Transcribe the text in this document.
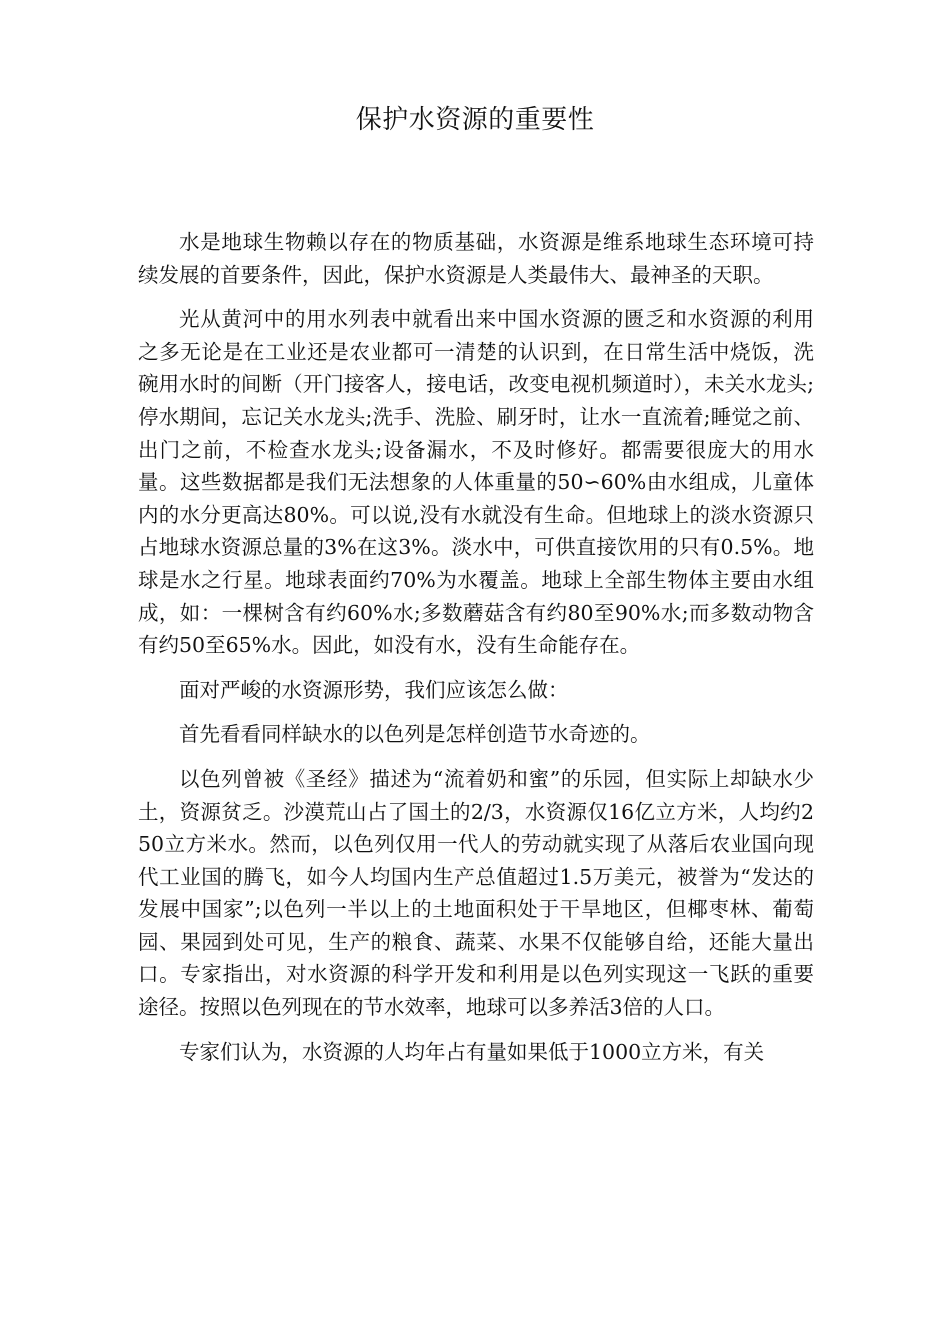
保护水资源的重要性

水是地球生物赖以存在的物质基础，水资源是维系地球生态环境可持续发展的首要条件，因此，保护水资源是人类最伟大、最神圣的天职。

光从黄河中的用水列表中就看出来中国水资源的匮乏和水资源的利用之多无论是在工业还是农业都可一清楚的认识到，在日常生活中烧饭，洗碗用水时的间断（开门接客人，接电话，改变电视机频道时），未关水龙头;停水期间，忘记关水龙头;洗手、洗脸、刷牙时，让水一直流着;睡觉之前、出门之前，不检查水龙头;设备漏水，不及时修好。都需要很庞大的用水量。这些数据都是我们无法想象的人体重量的50∽60%由水组成，儿童体内的水分更高达80%。可以说,没有水就没有生命。但地球上的淡水资源只占地球水资源总量的3%在这3%。淡水中，可供直接饮用的只有0.5%。地球是水之行星。地球表面约70%为水覆盖。地球上全部生物体主要由水组成，如：一棵树含有约60%水;多数蘑菇含有约80至90%水;而多数动物含有约50至65%水。因此，如没有水，没有生命能存在。

面对严峻的水资源形势，我们应该怎么做：

首先看看同样缺水的以色列是怎样创造节水奇迹的。

以色列曾被《圣经》描述为“流着奶和蜜”的乐园，但实际上却缺水少土，资源贫乏。沙漠荒山占了国土的2/3，水资源仅16亿立方米，人均约250立方米水。然而，以色列仅用一代人的劳动就实现了从落后农业国向现代工业国的腾飞，如今人均国内生产总值超过1.5万美元，被誉为“发达的发展中国家”;以色列一半以上的土地面积处于干旱地区，但椰枣林、葡萄园、果园到处可见，生产的粮食、蔬菜、水果不仅能够自给，还能大量出口。专家指出，对水资源的科学开发和利用是以色列实现这一飞跃的重要途径。按照以色列现在的节水效率，地球可以多养活3倍的人口。

专家们认为，水资源的人均年占有量如果低于1000立方米，有关
